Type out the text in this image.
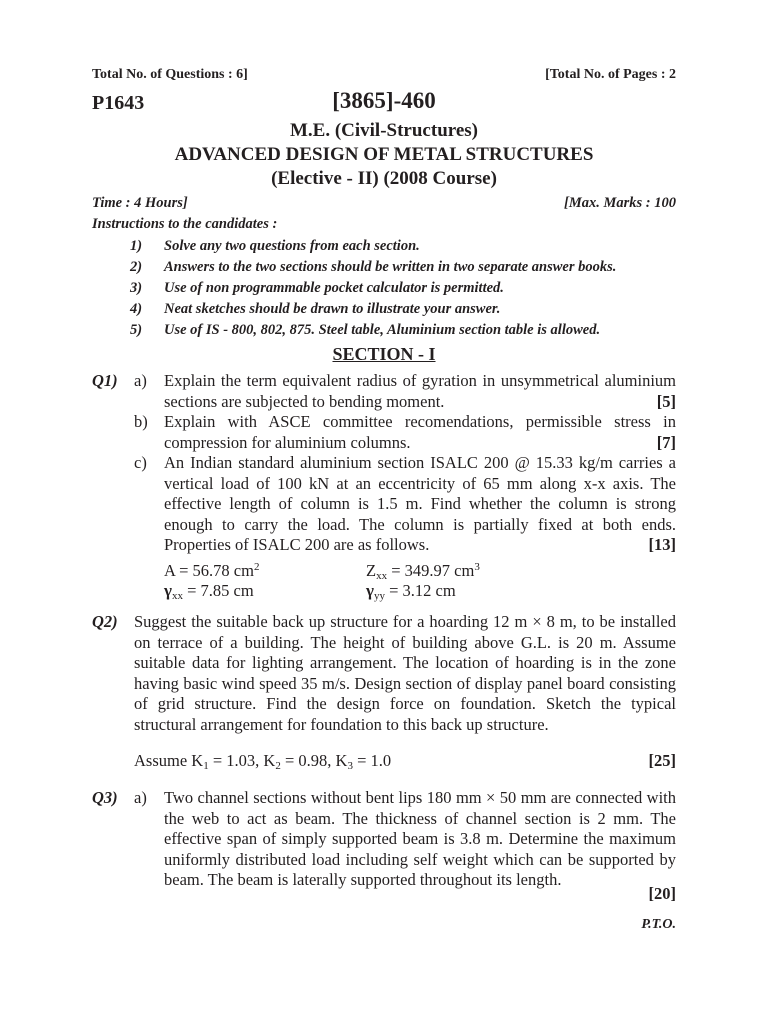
Total No. of Questions : 6]	[Total No. of Pages : 2
P1643	[3865]-460
M.E. (Civil-Structures)
ADVANCED DESIGN OF METAL STRUCTURES
(Elective - II) (2008 Course)
Time : 4 Hours]	[Max. Marks : 100
Instructions to the candidates :
1) Solve any two questions from each section.
2) Answers to the two sections should be written in two separate answer books.
3) Use of non programmable pocket calculator is permitted.
4) Neat sketches should be drawn to illustrate your answer.
5) Use of IS - 800, 802, 875. Steel table, Aluminium section table is allowed.
SECTION - I
Q1) a) Explain the term equivalent radius of gyration in unsymmetrical aluminium sections are subjected to bending moment.	[5]
b) Explain with ASCE committee recomendations, permissible stress in compression for aluminium columns.	[7]
c) An Indian standard aluminium section ISALC 200 @ 15.33 kg/m carries a vertical load of 100 kN at an eccentricity of 65 mm along x-x axis. The effective length of column is 1.5 m. Find whether the column is strong enough to carry the load. The column is partially fixed at both ends. Properties of ISALC 200 are as follows.	[13]
A = 56.78 $cm^2$	$Z_{xx} = 349.97$ $cm^3$
$\gamma_{xx} = 7.85$ cm	$\gamma_{yy} = 3.12$ cm
Q2) Suggest the suitable back up structure for a hoarding 12 m × 8 m, to be installed on terrace of a building. The height of building above G.L. is 20 m. Assume suitable data for lighting arrangement. The location of hoarding is in the zone having basic wind speed 35 m/s. Design section of display panel board consisting of grid structure. Find the design force on foundation. Sketch the typical structural arrangement for foundation to this back up structure.
Assume $K_1 = 1.03$, $K_2 = 0.98$, $K_3 = 1.0$	[25]
Q3) a) Two channel sections without bent lips 180 mm × 50 mm are connected with the web to act as beam. The thickness of channel section is 2 mm. The effective span of simply supported beam is 3.8 m. Determine the maximum uniformly distributed load including self weight which can be supported by beam. The beam is laterally supported throughout its length.
[20]
P.T.O.
